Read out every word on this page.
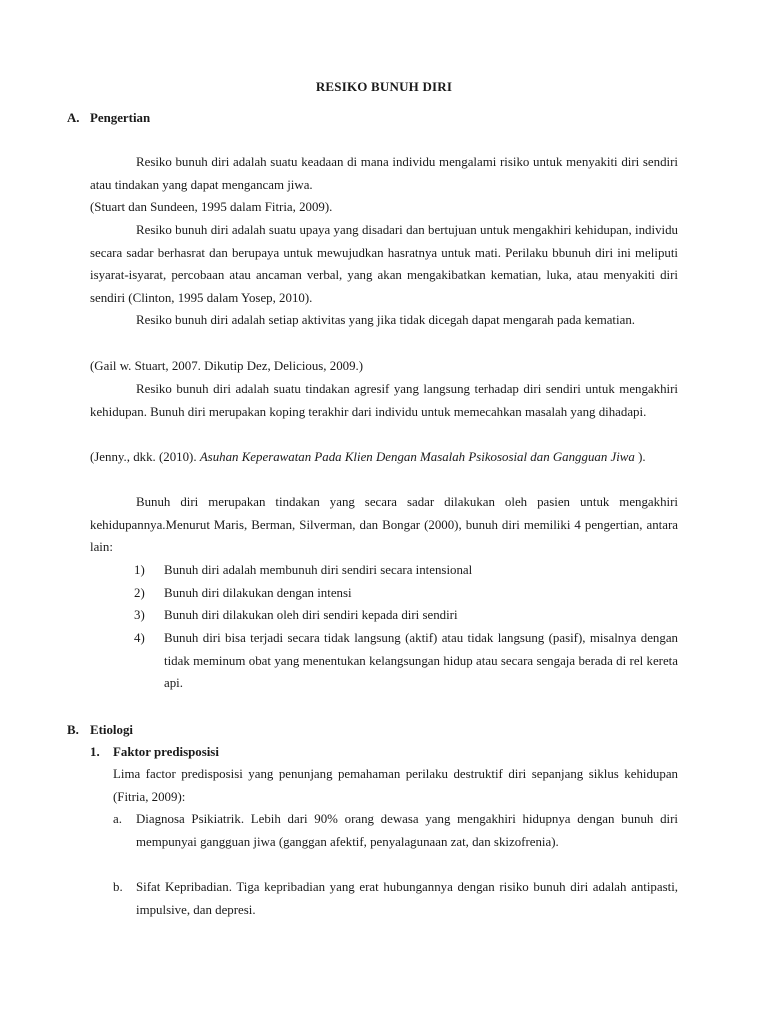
RESIKO BUNUH DIRI
A. Pengertian

Resiko bunuh diri adalah suatu keadaan di mana individu mengalami risiko untuk menyakiti diri sendiri atau tindakan yang dapat mengancam jiwa.

(Stuart dan Sundeen, 1995 dalam Fitria, 2009).

Resiko bunuh diri adalah suatu upaya yang disadari dan bertujuan untuk mengakhiri kehidupan, individu secara sadar berhasrat dan berupaya untuk mewujudkan hasratnya untuk mati. Perilaku bbunuh diri ini meliputi isyarat-isyarat, percobaan atau ancaman verbal, yang akan mengakibatkan kematian, luka, atau menyakiti diri sendiri (Clinton, 1995 dalam Yosep, 2010).

Resiko bunuh diri adalah setiap aktivitas yang jika tidak dicegah dapat mengarah pada kematian.

(Gail w. Stuart, 2007. Dikutip Dez, Delicious, 2009.)

Resiko bunuh diri adalah suatu tindakan agresif yang langsung terhadap diri sendiri untuk mengakhiri kehidupan. Bunuh diri merupakan koping terakhir dari individu untuk memecahkan masalah yang dihadapi.

(Jenny., dkk. (2010). Asuhan Keperawatan Pada Klien Dengan Masalah Psikososial dan Gangguan Jiwa ).

Bunuh diri merupakan tindakan yang secara sadar dilakukan oleh pasien untuk mengakhiri kehidupannya.Menurut Maris, Berman, Silverman, dan Bongar (2000), bunuh diri memiliki 4 pengertian, antara lain:

1) Bunuh diri adalah membunuh diri sendiri secara intensional
2) Bunuh diri dilakukan dengan intensi
3) Bunuh diri dilakukan oleh diri sendiri kepada diri sendiri
4) Bunuh diri bisa terjadi secara tidak langsung (aktif) atau tidak langsung (pasif), misalnya dengan tidak meminum obat yang menentukan kelangsungan hidup atau secara sengaja berada di rel kereta api.
B. Etiologi
1. Faktor predisposisi

Lima factor predisposisi yang penunjang pemahaman perilaku destruktif diri sepanjang siklus kehidupan (Fitria, 2009):

a. Diagnosa Psikiatrik. Lebih dari 90% orang dewasa yang mengakhiri hidupnya dengan bunuh diri mempunyai gangguan jiwa (ganggan afektif, penyalagunaan zat, dan skizofrenia).
b. Sifat Kepribadian. Tiga kepribadian yang erat hubungannya dengan risiko bunuh diri adalah antipasti, impulsive, dan depresi.
